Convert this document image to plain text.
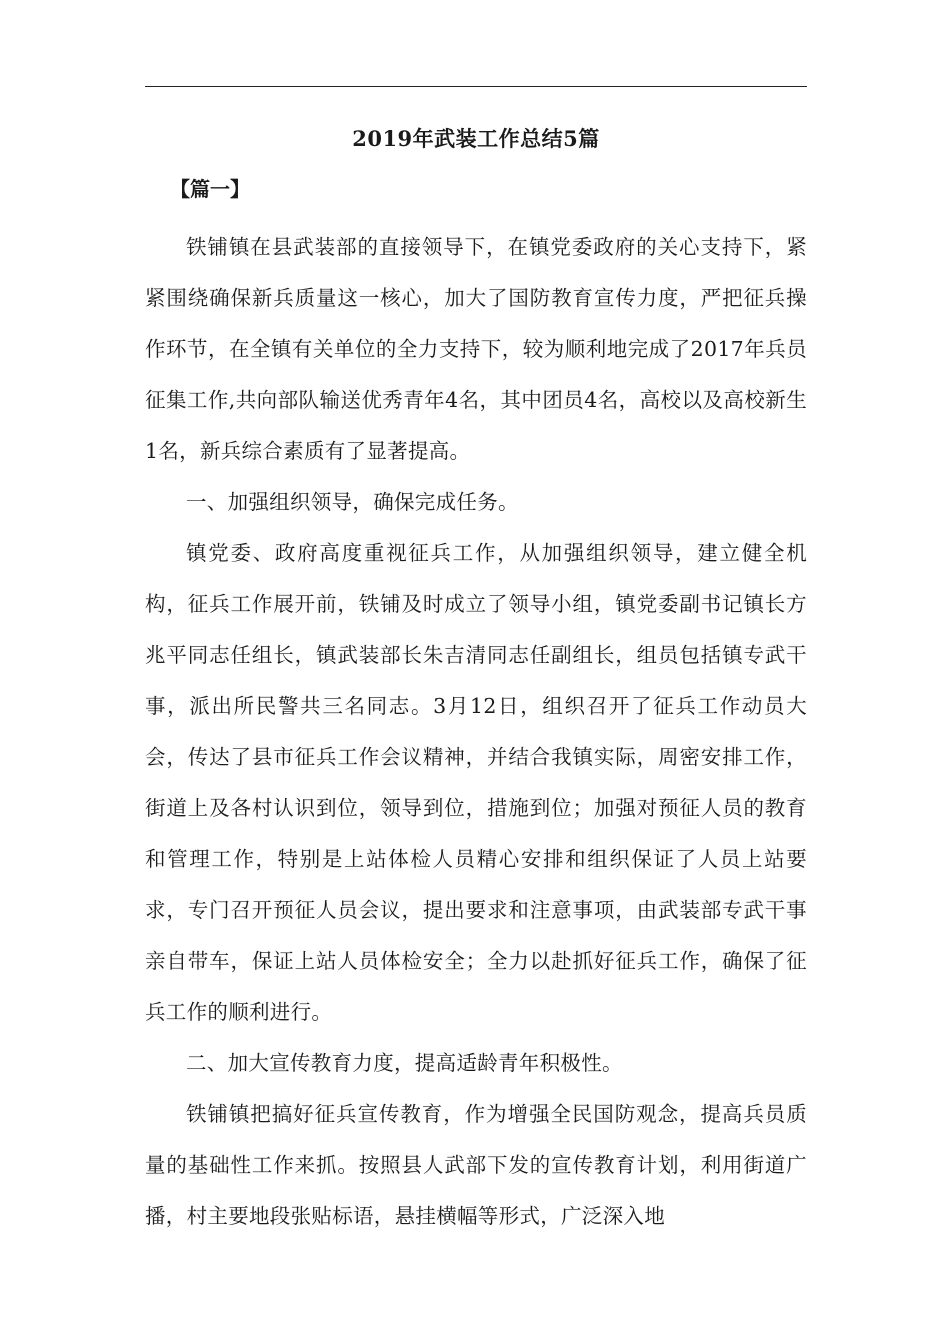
2019年武装工作总结5篇
【篇一】

铁铺镇在县武装部的直接领导下，在镇党委政府的关心支持下，紧紧围绕确保新兵质量这一核心，加大了国防教育宣传力度，严把征兵操作环节，在全镇有关单位的全力支持下，较为顺利地完成了2017年兵员征集工作,共向部队输送优秀青年4名，其中团员4名，高校以及高校新生1名，新兵综合素质有了显著提高。

一、加强组织领导，确保完成任务。

镇党委、政府高度重视征兵工作，从加强组织领导，建立健全机构，征兵工作展开前，铁铺及时成立了领导小组，镇党委副书记镇长方兆平同志任组长，镇武装部长朱吉清同志任副组长，组员包括镇专武干事，派出所民警共三名同志。3月12日，组织召开了征兵工作动员大会，传达了县市征兵工作会议精神，并结合我镇实际，周密安排工作，街道上及各村认识到位，领导到位，措施到位；加强对预征人员的教育和管理工作，特别是上站体检人员精心安排和组织保证了人员上站要求，专门召开预征人员会议，提出要求和注意事项，由武装部专武干事亲自带车，保证上站人员体检安全；全力以赴抓好征兵工作，确保了征兵工作的顺利进行。

二、加大宣传教育力度，提高适龄青年积极性。

铁铺镇把搞好征兵宣传教育，作为增强全民国防观念，提高兵员质量的基础性工作来抓。按照县人武部下发的宣传教育计划，利用街道广播，村主要地段张贴标语，悬挂横幅等形式，广泛深入地
